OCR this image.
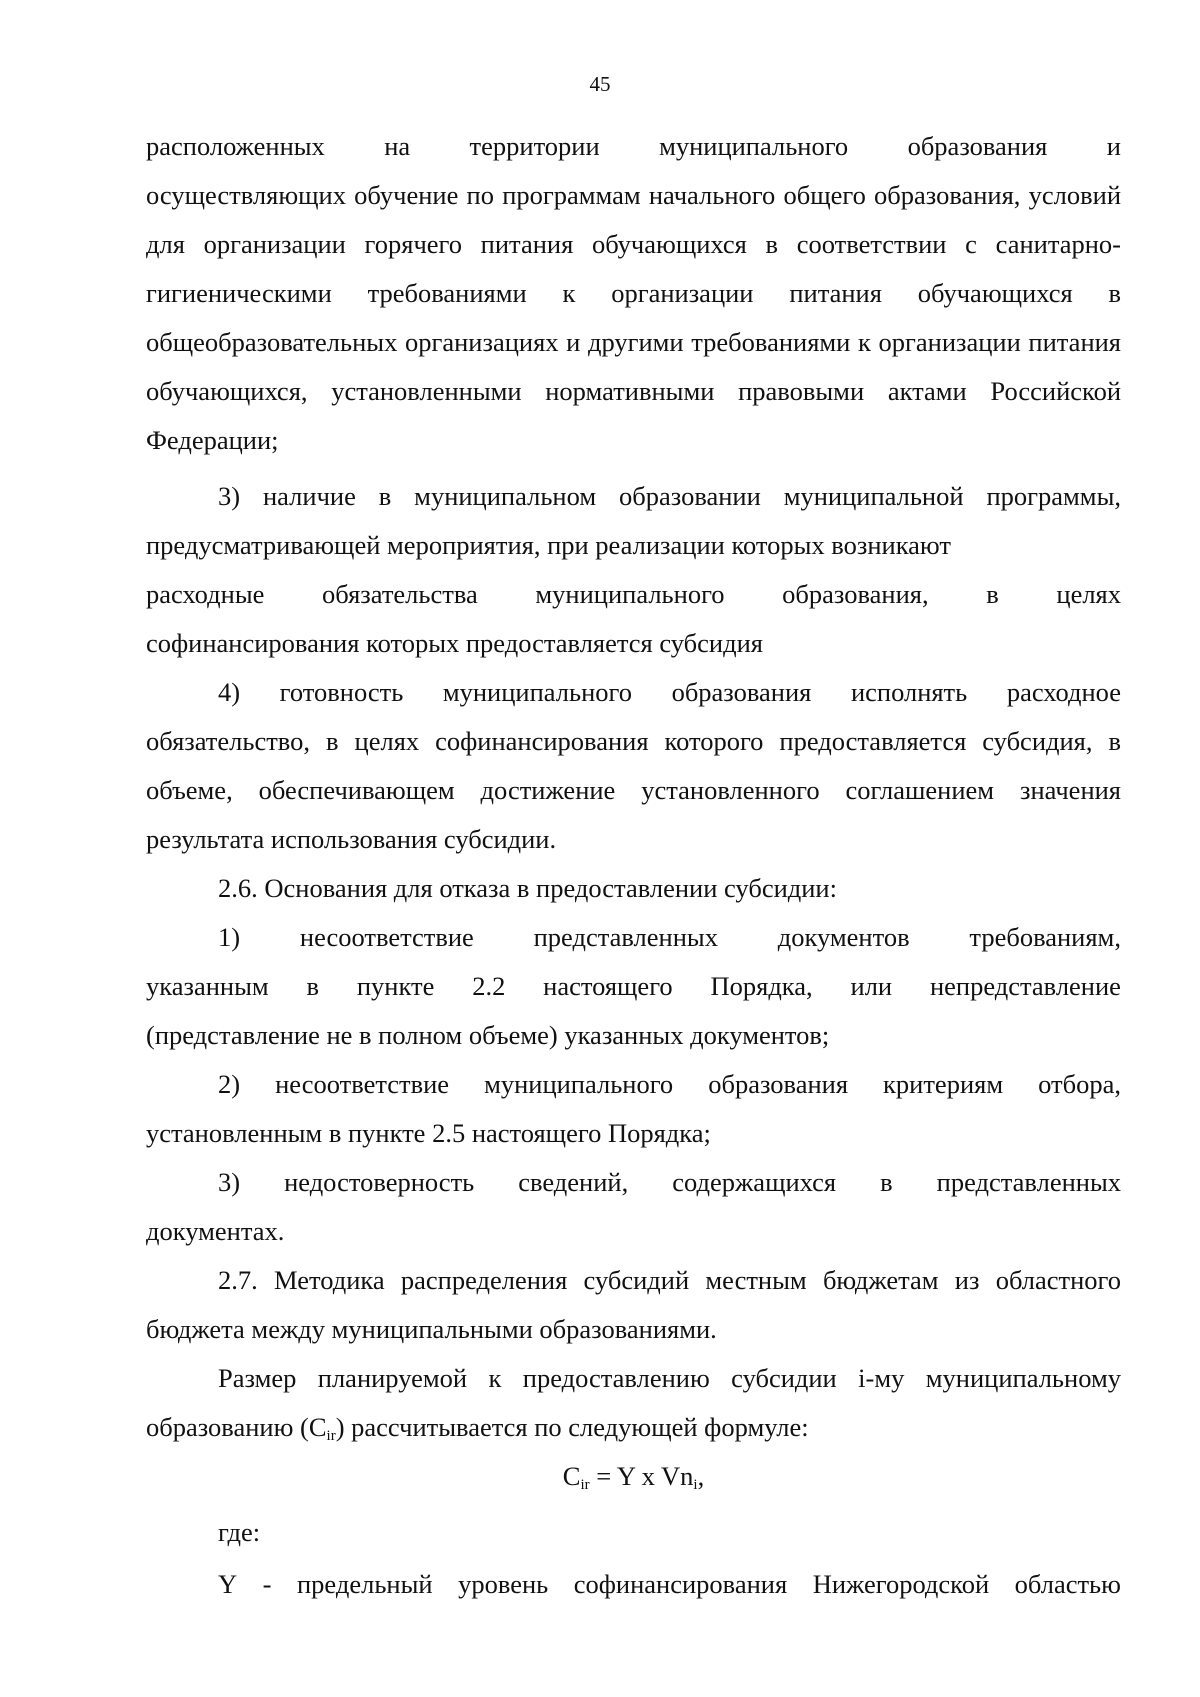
45
расположенных на территории муниципального образования и

осуществляющих обучение по программам начального общего образования, условий для организации горячего питания обучающихся в соответствии с санитарно-гигиеническими требованиями к организации питания обучающихся в общеобразовательных организациях и другими требованиями к организации питания обучающихся, установленными нормативными правовыми актами Российской Федерации;

3) наличие в муниципальном образовании муниципальной программы, предусматривающей мероприятия, при реализации которых возникают

расходные обязательства муниципального образования, в целях
софинансирования которых предоставляется субсидия
4) готовность муниципального образования исполнять расходное

обязательство, в целях софинансирования которого предоставляется субсидия, в объеме, обеспечивающем достижение установленного соглашением значения результата использования субсидии.

2.6. Основания для отказа в предоставлении субсидии:

1) несоответствие представленных документов требованиям,
указанным в пункте 2.2 настоящего Порядка, или непредставление
(представление не в полном объеме) указанных документов;
2) несоответствие муниципального образования критериям отбора,
установленным в пункте 2.5 настоящего Порядка;
3) недостоверность сведений, содержащихся в представленных
документах.

2.7. Методика распределения субсидий местным бюджетам из областного бюджета между муниципальными образованиями.

Размер планируемой к предоставлению субсидии i-му муниципальному
образованию $(C_{ir})$ рассчитывается по следующей формуле:
$C_{ir} = Y$ x $Vn_i$,
где:
Y - предельный уровень софинансирования Нижегородской областью
